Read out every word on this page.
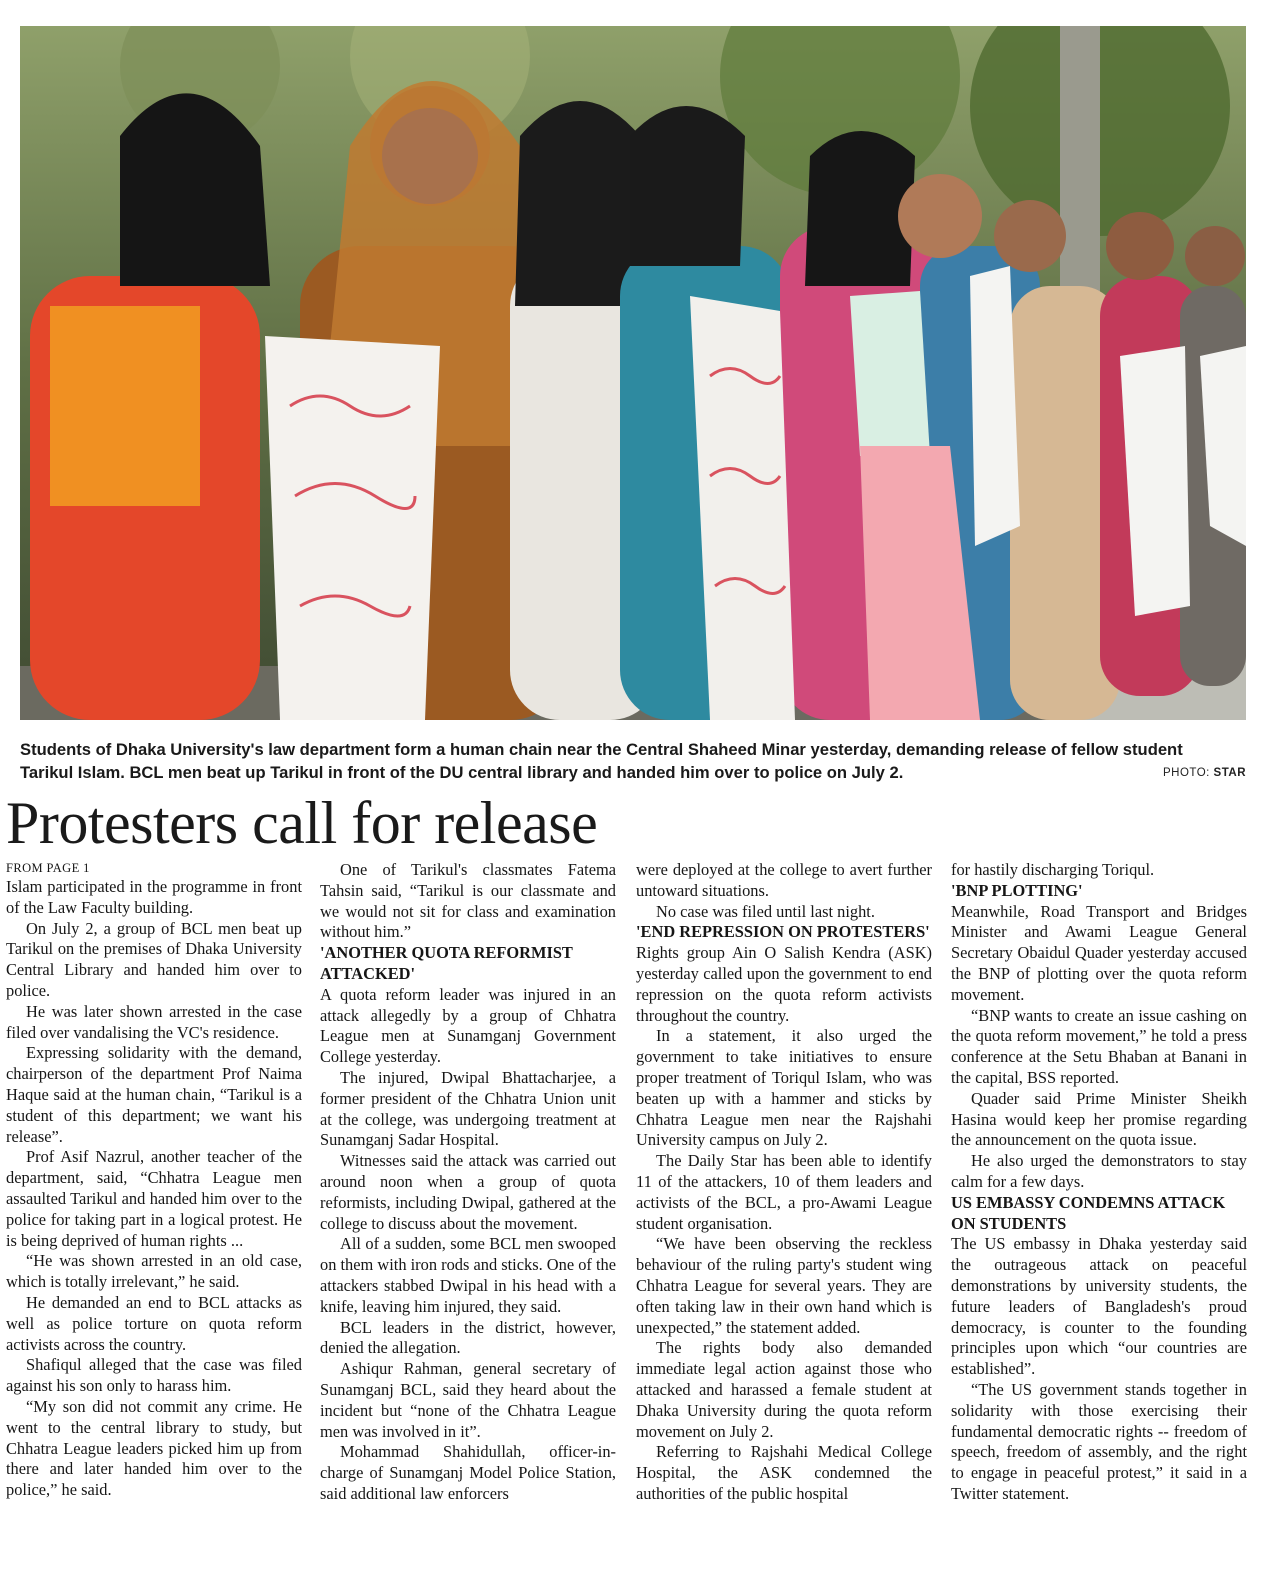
Students of Dhaka University's law department form a human chain near the Central Shaheed Minar yesterday, demanding release of fellow student Tarikul Islam. BCL men beat up Tarikul in front of the DU central library and handed him over to police on July 2.	PHOTO: STAR
Protesters call for release
FROM PAGE 1

Islam participated in the programme in front of the Law Faculty building.

On July 2, a group of BCL men beat up Tarikul on the premises of Dhaka University Central Library and handed him over to police.

He was later shown arrested in the case filed over vandalising the VC's residence.

Expressing solidarity with the demand, chairperson of the department Prof Naima Haque said at the human chain, “Tarikul is a student of this department; we want his release”.

Prof Asif Nazrul, another teacher of the department, said, “Chhatra League men assaulted Tarikul and handed him over to the police for taking part in a logical protest. He is being deprived of human rights ...

“He was shown arrested in an old case, which is totally irrelevant,” he said.

He demanded an end to BCL attacks as well as police torture on quota reform activists across the country.

Shafiqul alleged that the case was filed against his son only to harass him.

“My son did not commit any crime. He went to the central library to study, but Chhatra League leaders picked him up from there and later handed him over to the police,” he said.

One of Tarikul's classmates Fatema Tahsin said, “Tarikul is our classmate and we would not sit for class and examination without him.”

'ANOTHER QUOTA REFORMIST ATTACKED'

A quota reform leader was injured in an attack allegedly by a group of Chhatra League men at Sunamganj Government College yesterday.

The injured, Dwipal Bhattacharjee, a former president of the Chhatra Union unit at the college, was undergoing treatment at Sunamganj Sadar Hospital.

Witnesses said the attack was carried out around noon when a group of quota reformists, including Dwipal, gathered at the college to discuss about the movement.

All of a sudden, some BCL men swooped on them with iron rods and sticks. One of the attackers stabbed Dwipal in his head with a knife, leaving him injured, they said.

BCL leaders in the district, however, denied the allegation.

Ashiqur Rahman, general secretary of Sunamganj BCL, said they heard about the incident but “none of the Chhatra League men was involved in it”.

Mohammad Shahidullah, officer-in-charge of Sunamganj Model Police Station, said additional law enforcers

were deployed at the college to avert further untoward situations.

No case was filed until last night.

'END REPRESSION ON PROTESTERS'

Rights group Ain O Salish Kendra (ASK) yesterday called upon the government to end repression on the quota reform activists throughout the country.

In a statement, it also urged the government to take initiatives to ensure proper treatment of Toriqul Islam, who was beaten up with a hammer and sticks by Chhatra League men near the Rajshahi University campus on July 2.

The Daily Star has been able to identify 11 of the attackers, 10 of them leaders and activists of the BCL, a pro-Awami League student organisation.

“We have been observing the reckless behaviour of the ruling party's student wing Chhatra League for several years. They are often taking law in their own hand which is unexpected,” the statement added.

The rights body also demanded immediate legal action against those who attacked and harassed a female student at Dhaka University during the quota reform movement on July 2.

Referring to Rajshahi Medical College Hospital, the ASK condemned the authorities of the public hospital

for hastily discharging Toriqul.

'BNP PLOTTING'

Meanwhile, Road Transport and Bridges Minister and Awami League General Secretary Obaidul Quader yesterday accused the BNP of plotting over the quota reform movement.

“BNP wants to create an issue cashing on the quota reform movement,” he told a press conference at the Setu Bhaban at Banani in the capital, BSS reported.

Quader said Prime Minister Sheikh Hasina would keep her promise regarding the announcement on the quota issue.

He also urged the demonstrators to stay calm for a few days.

US EMBASSY CONDEMNS ATTACK ON STUDENTS

The US embassy in Dhaka yesterday said the outrageous attack on peaceful demonstrations by university students, the future leaders of Bangladesh's proud democracy, is counter to the founding principles upon which “our countries are established”.

“The US government stands together in solidarity with those exercising their fundamental democratic rights -- freedom of speech, freedom of assembly, and the right to engage in peaceful protest,” it said in a Twitter statement.
